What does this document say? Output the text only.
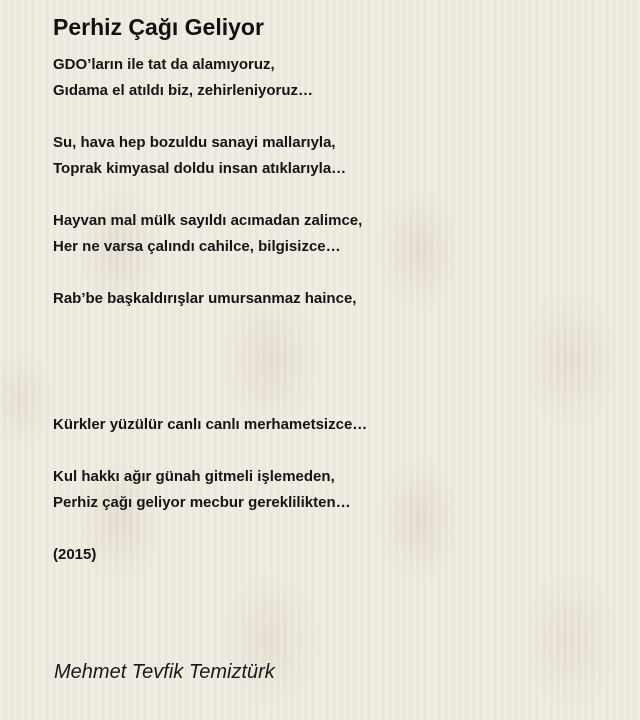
Perhiz Çağı Geliyor

GDO’ların ile tat da alamıyoruz,

Gıdama el atıldı biz, zehirleniyoruz…

Su, hava hep bozuldu sanayi mallarıyla,

Toprak kimyasal doldu insan atıklarıyla…

Hayvan mal mülk sayıldı acımadan zalimce,

Her ne varsa çalındı cahilce, bilgisizce…

Rab’be başkaldırışlar umursanmaz haince,

Kürkler yüzülür canlı canlı merhametsizce…

Kul hakkı ağır günah gitmeli işlemeden,

Perhiz çağı geliyor mecbur gereklilikten…

(2015)

Mehmet Tevfik Temiztürk
